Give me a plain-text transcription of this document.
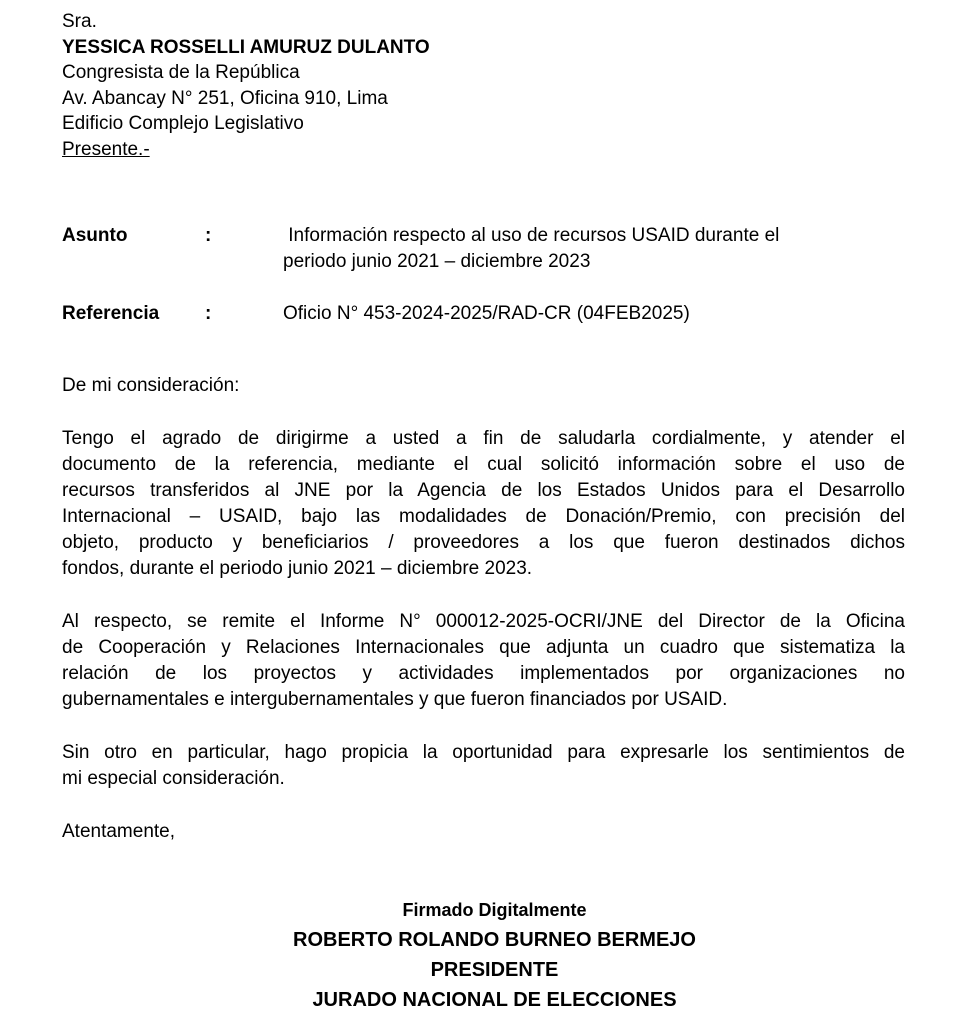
Sra.
YESSICA ROSSELLI AMURUZ DULANTO
Congresista de la República
Av. Abancay N° 251, Oficina 910, Lima
Edificio Complejo Legislativo
Presente.-
Asunto	:	Información respecto al uso de recursos USAID durante el
periodo junio 2021 – diciembre 2023
Referencia	:	Oficio N° 453-2024-2025/RAD-CR (04FEB2025)
De mi consideración:
Tengo el agrado de dirigirme a usted a fin de saludarla cordialmente, y atender el
documento de la referencia, mediante el cual solicitó información sobre el uso de
recursos transferidos al JNE por la Agencia de los Estados Unidos para el Desarrollo
Internacional – USAID, bajo las modalidades de Donación/Premio, con precisión del
objeto, producto y beneficiarios / proveedores a los que fueron destinados dichos
fondos, durante el periodo junio 2021 – diciembre 2023.
Al respecto, se remite el Informe N° 000012-2025-OCRI/JNE del Director de la Oficina
de Cooperación y Relaciones Internacionales que adjunta un cuadro que sistematiza la
relación de los proyectos y actividades implementados por organizaciones no
gubernamentales e intergubernamentales y que fueron financiados por USAID.
Sin otro en particular, hago propicia la oportunidad para expresarle los sentimientos de
mi especial consideración.
Atentamente,
Firmado Digitalmente
ROBERTO ROLANDO BURNEO BERMEJO
PRESIDENTE
JURADO NACIONAL DE ELECCIONES
